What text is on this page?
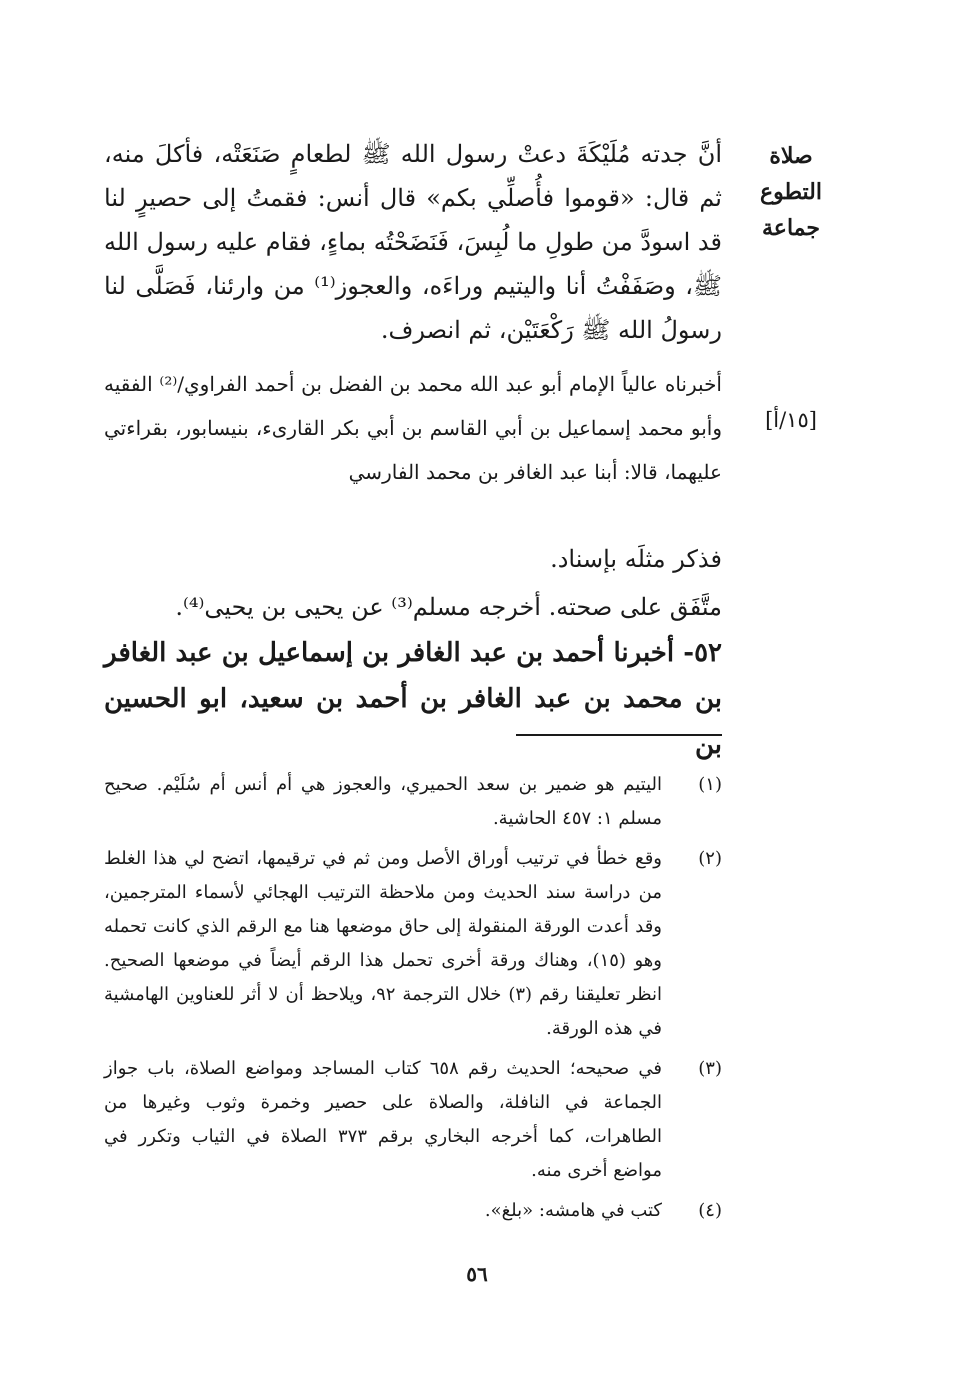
صلاة التطوع جماعة
[١٥/أ]

أنَّ جدته مُلَيْكَةَ دعتْ رسول الله ﷺ لطعامٍ صَنَعَتْه، فأكلَ منه، ثم قال: «قوموا فأُصلِّي بكم» قال أنس: فقمتُ إلى حصيرٍ لنا قد اسودَّ من طولِ ما لُبِسَ، فَنَضَحْتُه بماءٍ، فقام عليه رسول الله ﷺ، وصَفَفْتُ أنا واليتيم وراءَه، والعجوز⁽¹⁾ من وارئنا، فَصَلَّى لنا رسولُ الله ﷺ رَكْعَتَيْن، ثم انصرف.

أخبرناه عالياً الإمام أبو عبد الله محمد بن الفضل بن أحمد الفراوي/⁽²⁾ الفقيه وأبو محمد إسماعيل بن أبي القاسم بن أبي بكر القارىء، بنيسابور، بقراءتي عليهما، قالا: أبنا عبد الغافر بن محمد الفارسي

فذكر مثلَه بإسناد.

متَّفَق على صحته. أخرجه مسلم⁽³⁾ عن يحيى بن يحيى⁽⁴⁾.

٥٢- أخبرنا أحمد بن عبد الغافر بن إسماعيل بن عبد الغافر بن محمد بن عبد الغافر بن أحمد بن سعيد، ابو الحسين بن

(١)
اليتيم هو ضمير بن سعد الحميري، والعجوز هي أم أنس أم سُلَيْم. صحيح مسلم ١: ٤٥٧ الحاشية.
(٢)
وقع خطأ في ترتيب أوراق الأصل ومن ثم في ترقيمها، اتضح لي هذا الغلط من دراسة سند الحديث ومن ملاحظة الترتيب الهجائي لأسماء المترجمين، وقد أعدت الورقة المنقولة إلى حاق موضعها هنا مع الرقم الذي كانت تحمله وهو (١٥)، وهناك ورقة أخرى تحمل هذا الرقم أيضاً في موضعها الصحيح. انظر تعليقنا رقم (٣) خلال الترجمة ٩٢، ويلاحظ أن لا أثر للعناوين الهامشية في هذه الورقة.
(٣)
في صحيحه؛ الحديث رقم ٦٥٨ كتاب المساجد ومواضع الصلاة، باب جواز الجماعة في النافلة، والصلاة على حصير وخمرة وثوب وغيرها من الطاهرات، كما أخرجه البخاري برقم ٣٧٣ الصلاة في الثياب وتكرر في مواضع أخرى منه.
(٤)
كتب في هامشه: «بلغ».
٥٦
